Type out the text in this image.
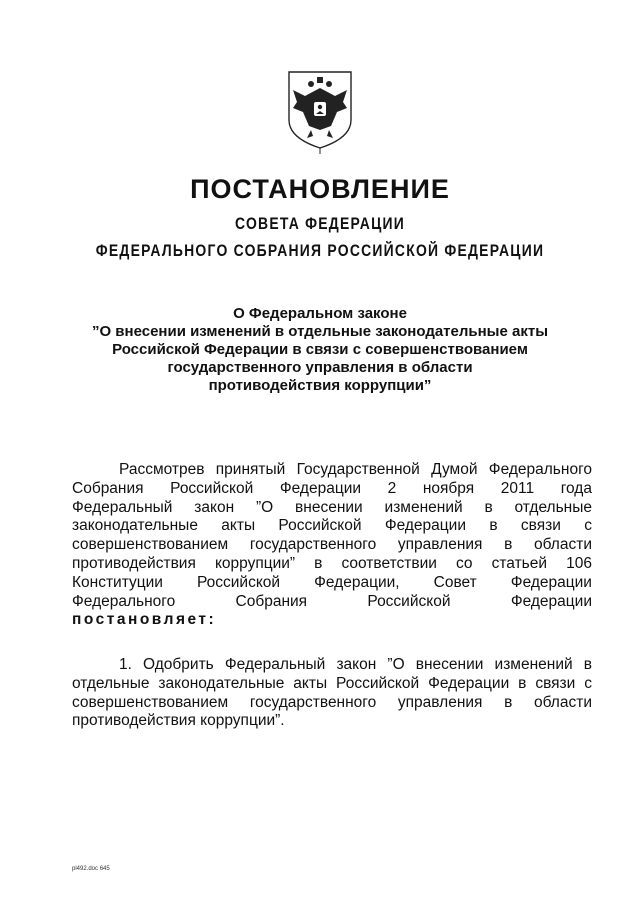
ПОСТАНОВЛЕНИЕ
СОВЕТА ФЕДЕРАЦИИ
ФЕДЕРАЛЬНОГО СОБРАНИЯ РОССИЙСКОЙ ФЕДЕРАЦИИ
О Федеральном законе
”О внесении изменений в отдельные законодательные акты
Российской Федерации в связи с совершенствованием
государственного управления в области
противодействия коррупции”
Рассмотрев принятый Государственной Думой Федерального
Собрания Российской Федерации 2 ноября 2011 года
Федеральный закон ”О внесении изменений в отдельные
законодательные акты Российской Федерации в связи с
совершенствованием государственного управления в области
противодействия коррупции” в соответствии со статьей 106
Конституции Российской Федерации, Совет Федерации
Федерального	Собрания	Российской	Федерации
постановляет:
1. Одобрить Федеральный закон ”О внесении изменений в
отдельные законодательные акты Российской Федерации в связи с
совершенствованием государственного управления в области
противодействия коррупции”.
pl492.doc 645
